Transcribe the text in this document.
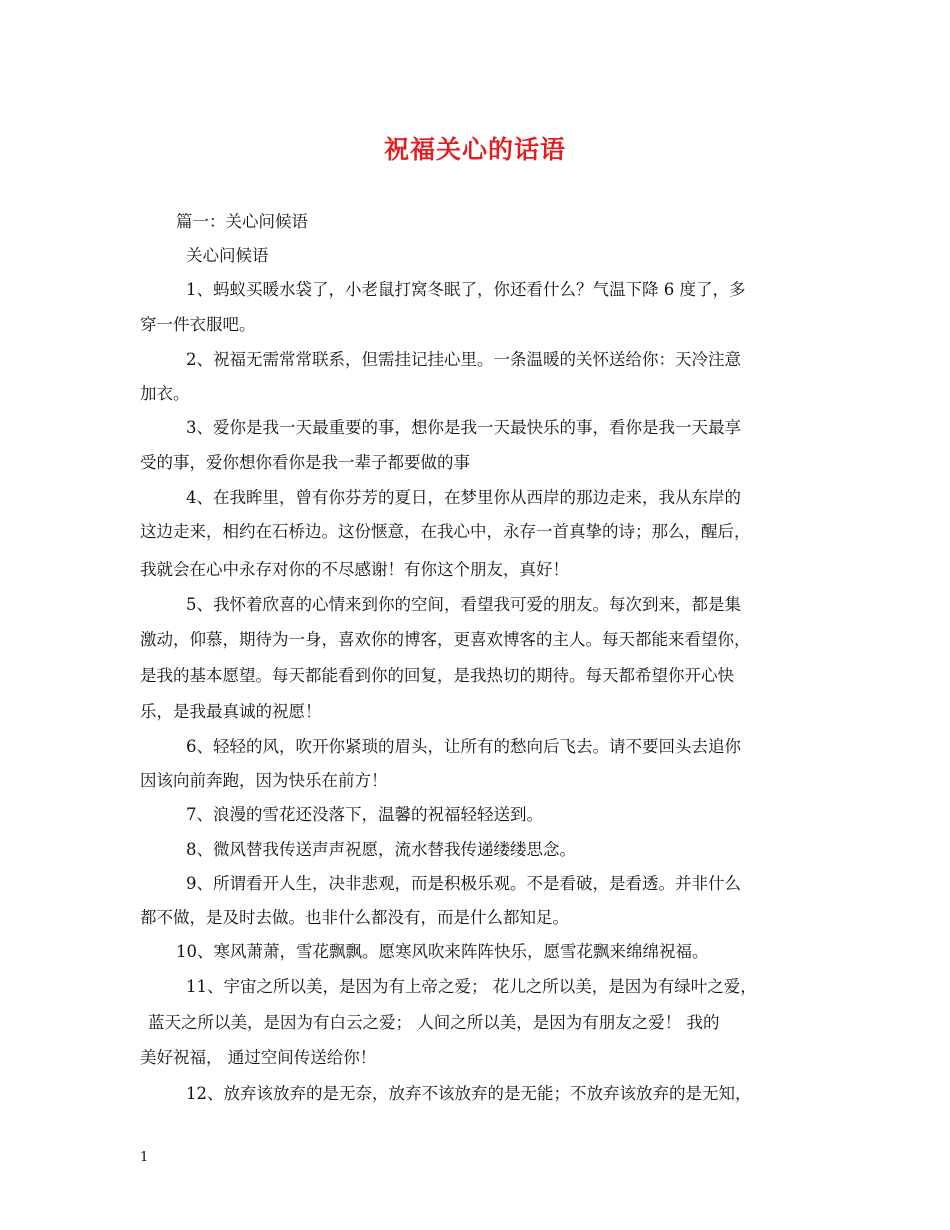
祝福关心的话语
篇一：关心问候语
关心问候语
1、蚂蚁买暖水袋了，小老鼠打窝冬眠了，你还看什么？气温下降 6 度了，多
穿一件衣服吧。
2、祝福无需常常联系，但需挂记挂心里。一条温暖的关怀送给你：天冷注意
加衣。
3、爱你是我一天最重要的事，想你是我一天最快乐的事，看你是我一天最享
受的事，爱你想你看你是我一辈子都要做的事
4、在我眸里，曾有你芬芳的夏日，在梦里你从西岸的那边走来，我从东岸的
这边走来，相约在石桥边。这份惬意，在我心中，永存一首真挚的诗；那么，醒后，
我就会在心中永存对你的不尽感谢！有你这个朋友，真好！
5、我怀着欣喜的心情来到你的空间，看望我可爱的朋友。每次到来，都是集
激动，仰慕，期待为一身，喜欢你的博客，更喜欢博客的主人。每天都能来看望你，
是我的基本愿望。每天都能看到你的回复，是我热切的期待。每天都希望你开心快
乐，是我最真诚的祝愿！
6、轻轻的风，吹开你紧琐的眉头，让所有的愁向后飞去。请不要回头去追你
因该向前奔跑，因为快乐在前方！
7、浪漫的雪花还没落下，温馨的祝福轻轻送到。
8、微风替我传送声声祝愿，流水替我传递缕缕思念。
9、所谓看开人生，决非悲观，而是积极乐观。不是看破，是看透。并非什么
都不做，是及时去做。也非什么都没有，而是什么都知足。
10、寒风萧萧，雪花飘飘。愿寒风吹来阵阵快乐，愿雪花飘来绵绵祝福。
11、宇宙之所以美，是因为有上帝之爱； 花儿之所以美，是因为有绿叶之爱，
蓝天之所以美，是因为有白云之爱； 人间之所以美，是因为有朋友之爱！ 我的
美好祝福， 通过空间传送给你！
12、放弃该放弃的是无奈，放弃不该放弃的是无能；不放弃该放弃的是无知，
1
